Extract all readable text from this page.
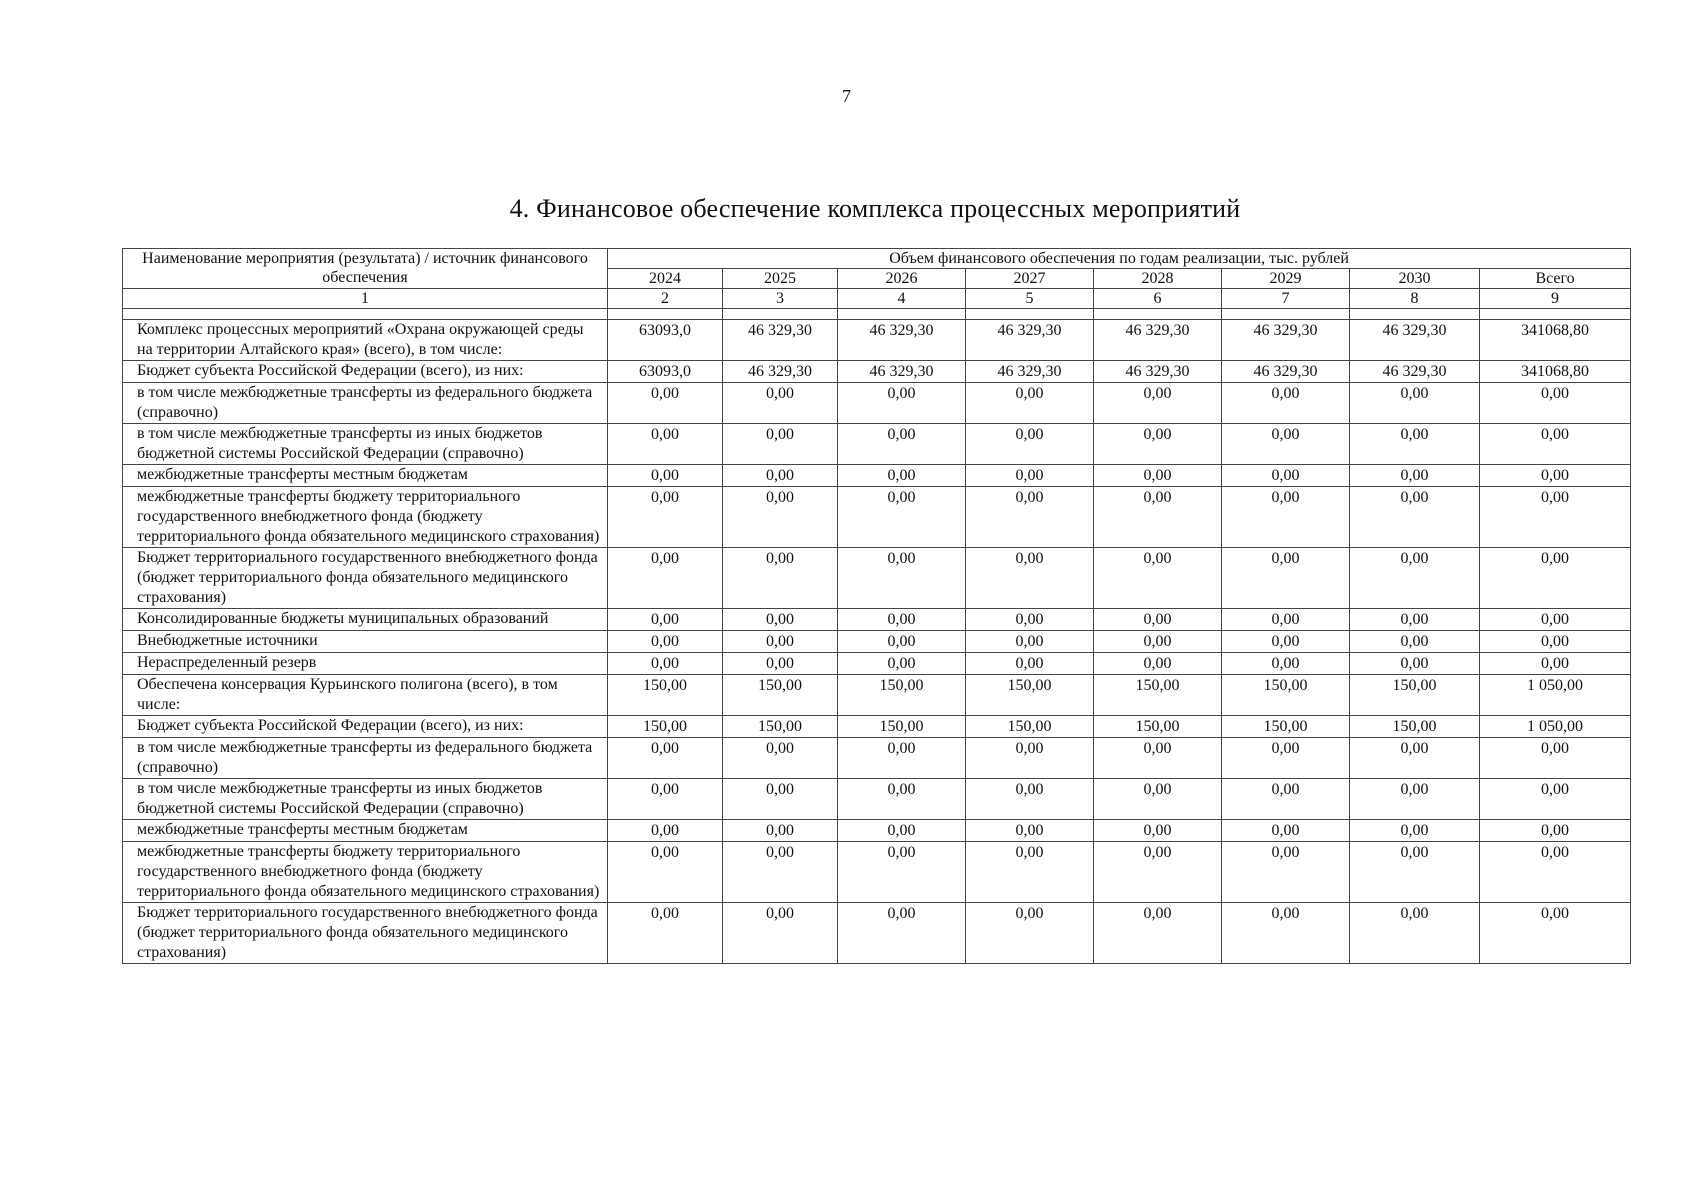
7
4. Финансовое обеспечение комплекса процессных мероприятий
Наименование мероприятия (результата) / источник финансового обеспечения	Объем финансового обеспечения по годам реализации, тыс. рублей							
	2024	2025	2026	2027	2028	2029	2030	Всего
1	2	3	4	5	6	7	8	9

Комплекс процессных мероприятий «Охрана окружающей среды на территории Алтайского края» (всего), в том числе:	63093,0	46 329,30	46 329,30	46 329,30	46 329,30	46 329,30	46 329,30	341068,80
Бюджет субъекта Российской Федерации (всего), из них:	63093,0	46 329,30	46 329,30	46 329,30	46 329,30	46 329,30	46 329,30	341068,80
в том числе межбюджетные трансферты из федерального бюджета (справочно)	0,00	0,00	0,00	0,00	0,00	0,00	0,00	0,00
в том числе межбюджетные трансферты из иных бюджетов бюджетной системы Российской Федерации (справочно)	0,00	0,00	0,00	0,00	0,00	0,00	0,00	0,00
межбюджетные трансферты местным бюджетам	0,00	0,00	0,00	0,00	0,00	0,00	0,00	0,00
межбюджетные трансферты бюджету территориального государственного внебюджетного фонда (бюджету территориального фонда обязательного медицинского страхования)	0,00	0,00	0,00	0,00	0,00	0,00	0,00	0,00
Бюджет территориального государственного внебюджетного фонда (бюджет территориального фонда обязательного медицинского страхования)	0,00	0,00	0,00	0,00	0,00	0,00	0,00	0,00
Консолидированные бюджеты муниципальных образований	0,00	0,00	0,00	0,00	0,00	0,00	0,00	0,00
Внебюджетные источники	0,00	0,00	0,00	0,00	0,00	0,00	0,00	0,00
Нераспределенный резерв	0,00	0,00	0,00	0,00	0,00	0,00	0,00	0,00
Обеспечена консервация Курьинского полигона (всего), в том числе:	150,00	150,00	150,00	150,00	150,00	150,00	150,00	1 050,00
Бюджет субъекта Российской Федерации (всего), из них:	150,00	150,00	150,00	150,00	150,00	150,00	150,00	1 050,00
в том числе межбюджетные трансферты из федерального бюджета (справочно)	0,00	0,00	0,00	0,00	0,00	0,00	0,00	0,00
в том числе межбюджетные трансферты из иных бюджетов бюджетной системы Российской Федерации (справочно)	0,00	0,00	0,00	0,00	0,00	0,00	0,00	0,00
межбюджетные трансферты местным бюджетам	0,00	0,00	0,00	0,00	0,00	0,00	0,00	0,00
межбюджетные трансферты бюджету территориального государственного внебюджетного фонда (бюджету территориального фонда обязательного медицинского страхования)	0,00	0,00	0,00	0,00	0,00	0,00	0,00	0,00
Бюджет территориального государственного внебюджетного фонда (бюджет территориального фонда обязательного медицинского страхования)	0,00	0,00	0,00	0,00	0,00	0,00	0,00	0,00
